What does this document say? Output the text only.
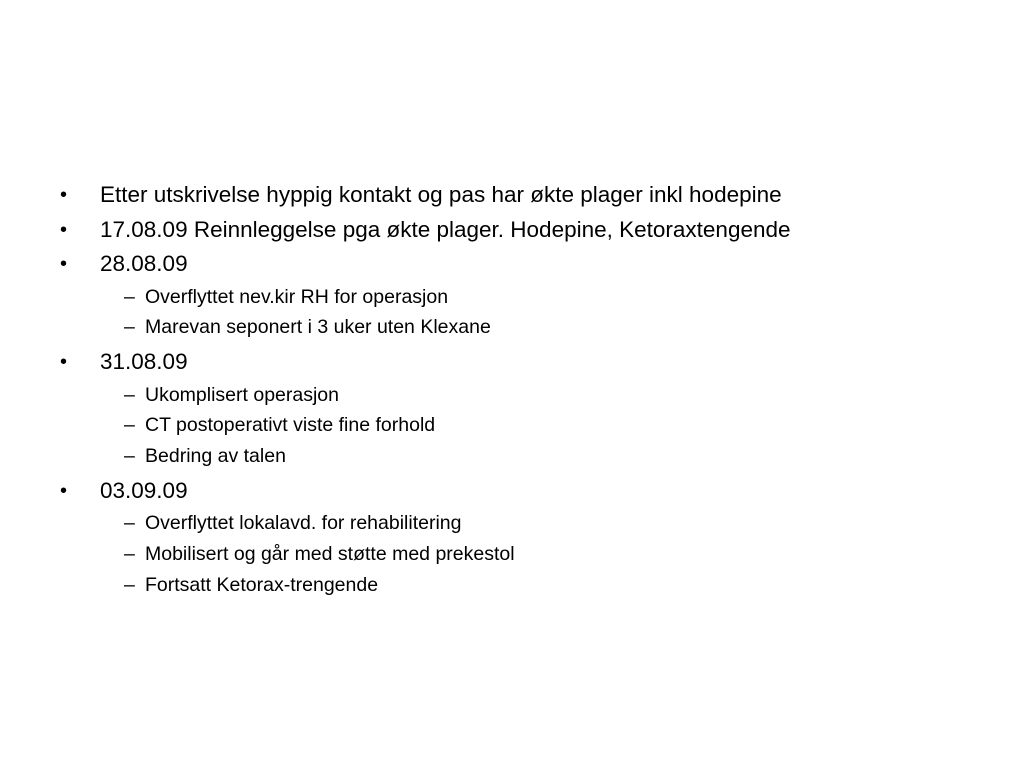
• Etter utskrivelse hyppig kontakt og pas har økte plager inkl hodepine
• 17.08.09 Reinnleggelse pga økte plager. Hodepine, Ketoraxtengende
• 28.08.09
– Overflyttet nev.kir RH for operasjon
– Marevan seponert i 3 uker uten Klexane
• 31.08.09
– Ukomplisert operasjon
– CT postoperativt viste fine forhold
– Bedring av talen
• 03.09.09
– Overflyttet lokalavd. for rehabilitering
– Mobilisert og går med støtte med prekestol
– Fortsatt Ketorax-trengende
